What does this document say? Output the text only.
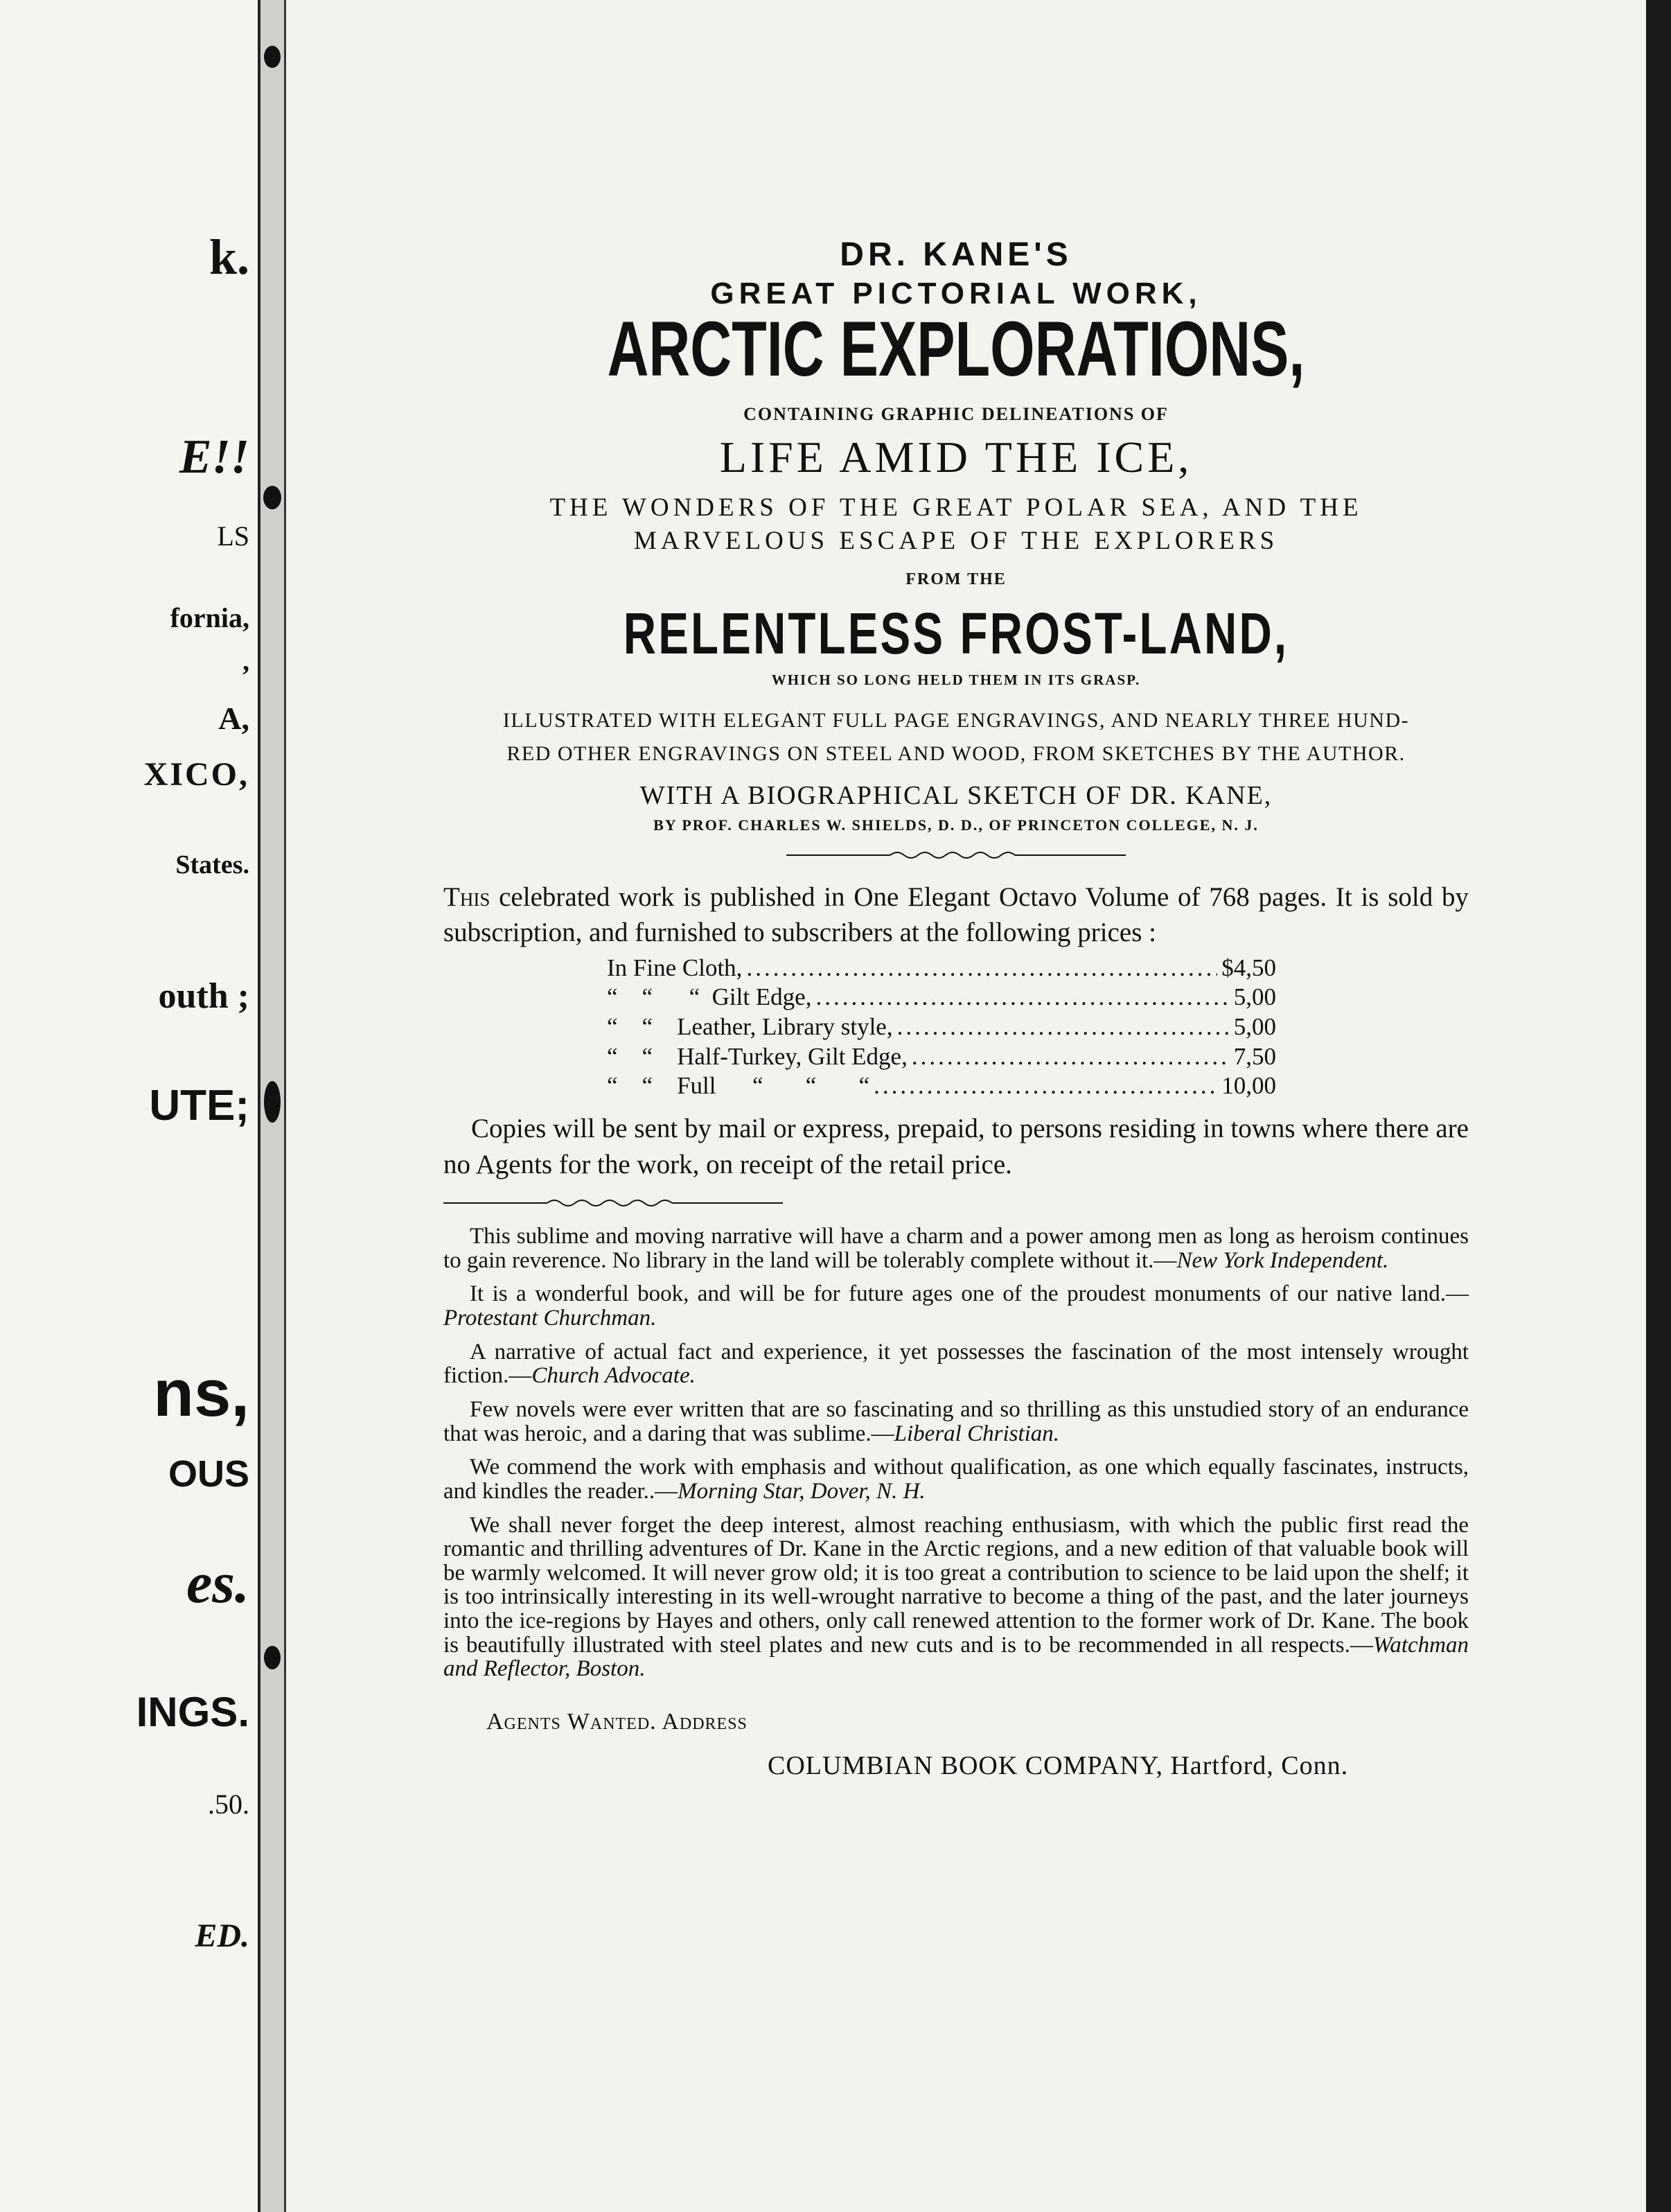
k.
E!!
LS
fornia,
,
A,
XICO,
States.
outh ;
UTE;
ns,
OUS
es.
INGS.
.50.
ED.
DR. KANE'S
GREAT PICTORIAL WORK,
ARCTIC EXPLORATIONS,
CONTAINING GRAPHIC DELINEATIONS OF
LIFE AMID THE ICE,
THE WONDERS OF THE GREAT POLAR SEA, AND THE
MARVELOUS ESCAPE OF THE EXPLORERS
FROM THE
RELENTLESS FROST-LAND,
WHICH SO LONG HELD THEM IN ITS GRASP.
ILLUSTRATED WITH ELEGANT FULL PAGE ENGRAVINGS, AND NEARLY THREE HUND-
RED OTHER ENGRAVINGS ON STEEL AND WOOD, FROM SKETCHES BY THE AUTHOR.
WITH A BIOGRAPHICAL SKETCH OF DR. KANE,
BY PROF. CHARLES W. SHIELDS, D. D., OF PRINCETON COLLEGE, N. J.
This celebrated work is published in One Elegant Octavo Volume of 768 pages. It is sold by subscription, and furnished to subscribers at the following prices :
In Fine Cloth, .....	$4,50
“    “      “  Gilt Edge, .....	5,00
“    “    Leather, Library style, .....	5,00
“    “    Half-Turkey, Gilt Edge, .....	7,50
“    “    Full      “       “       “ .....	10,00
Copies will be sent by mail or express, prepaid, to persons residing in towns where there are no Agents for the work, on receipt of the retail price.
This sublime and moving narrative will have a charm and a power among men as long as heroism continues to gain reverence. No library in the land will be tolerably complete without it.—New York Independent.
It is a wonderful book, and will be for future ages one of the proudest monuments of our native land.—Protestant Churchman.
A narrative of actual fact and experience, it yet possesses the fascination of the most intensely wrought fiction.—Church Advocate.
Few novels were ever written that are so fascinating and so thrilling as this unstudied story of an endurance that was heroic, and a daring that was sublime.—Liberal Christian.
We commend the work with emphasis and without qualification, as one which equally fascinates, instructs, and kindles the reader..—Morning Star, Dover, N. H.
We shall never forget the deep interest, almost reaching enthusiasm, with which the public first read the romantic and thrilling adventures of Dr. Kane in the Arctic regions, and a new edition of that valuable book will be warmly welcomed. It will never grow old; it is too great a contribution to science to be laid upon the shelf; it is too intrinsically interesting in its well-wrought narrative to become a thing of the past, and the later journeys into the ice-regions by Hayes and others, only call renewed attention to the former work of Dr. Kane. The book is beautifully illustrated with steel plates and new cuts and is to be recommended in all respects.—Watchman and Reflector, Boston.
Agents Wanted. Address
COLUMBIAN BOOK COMPANY, Hartford, Conn.
